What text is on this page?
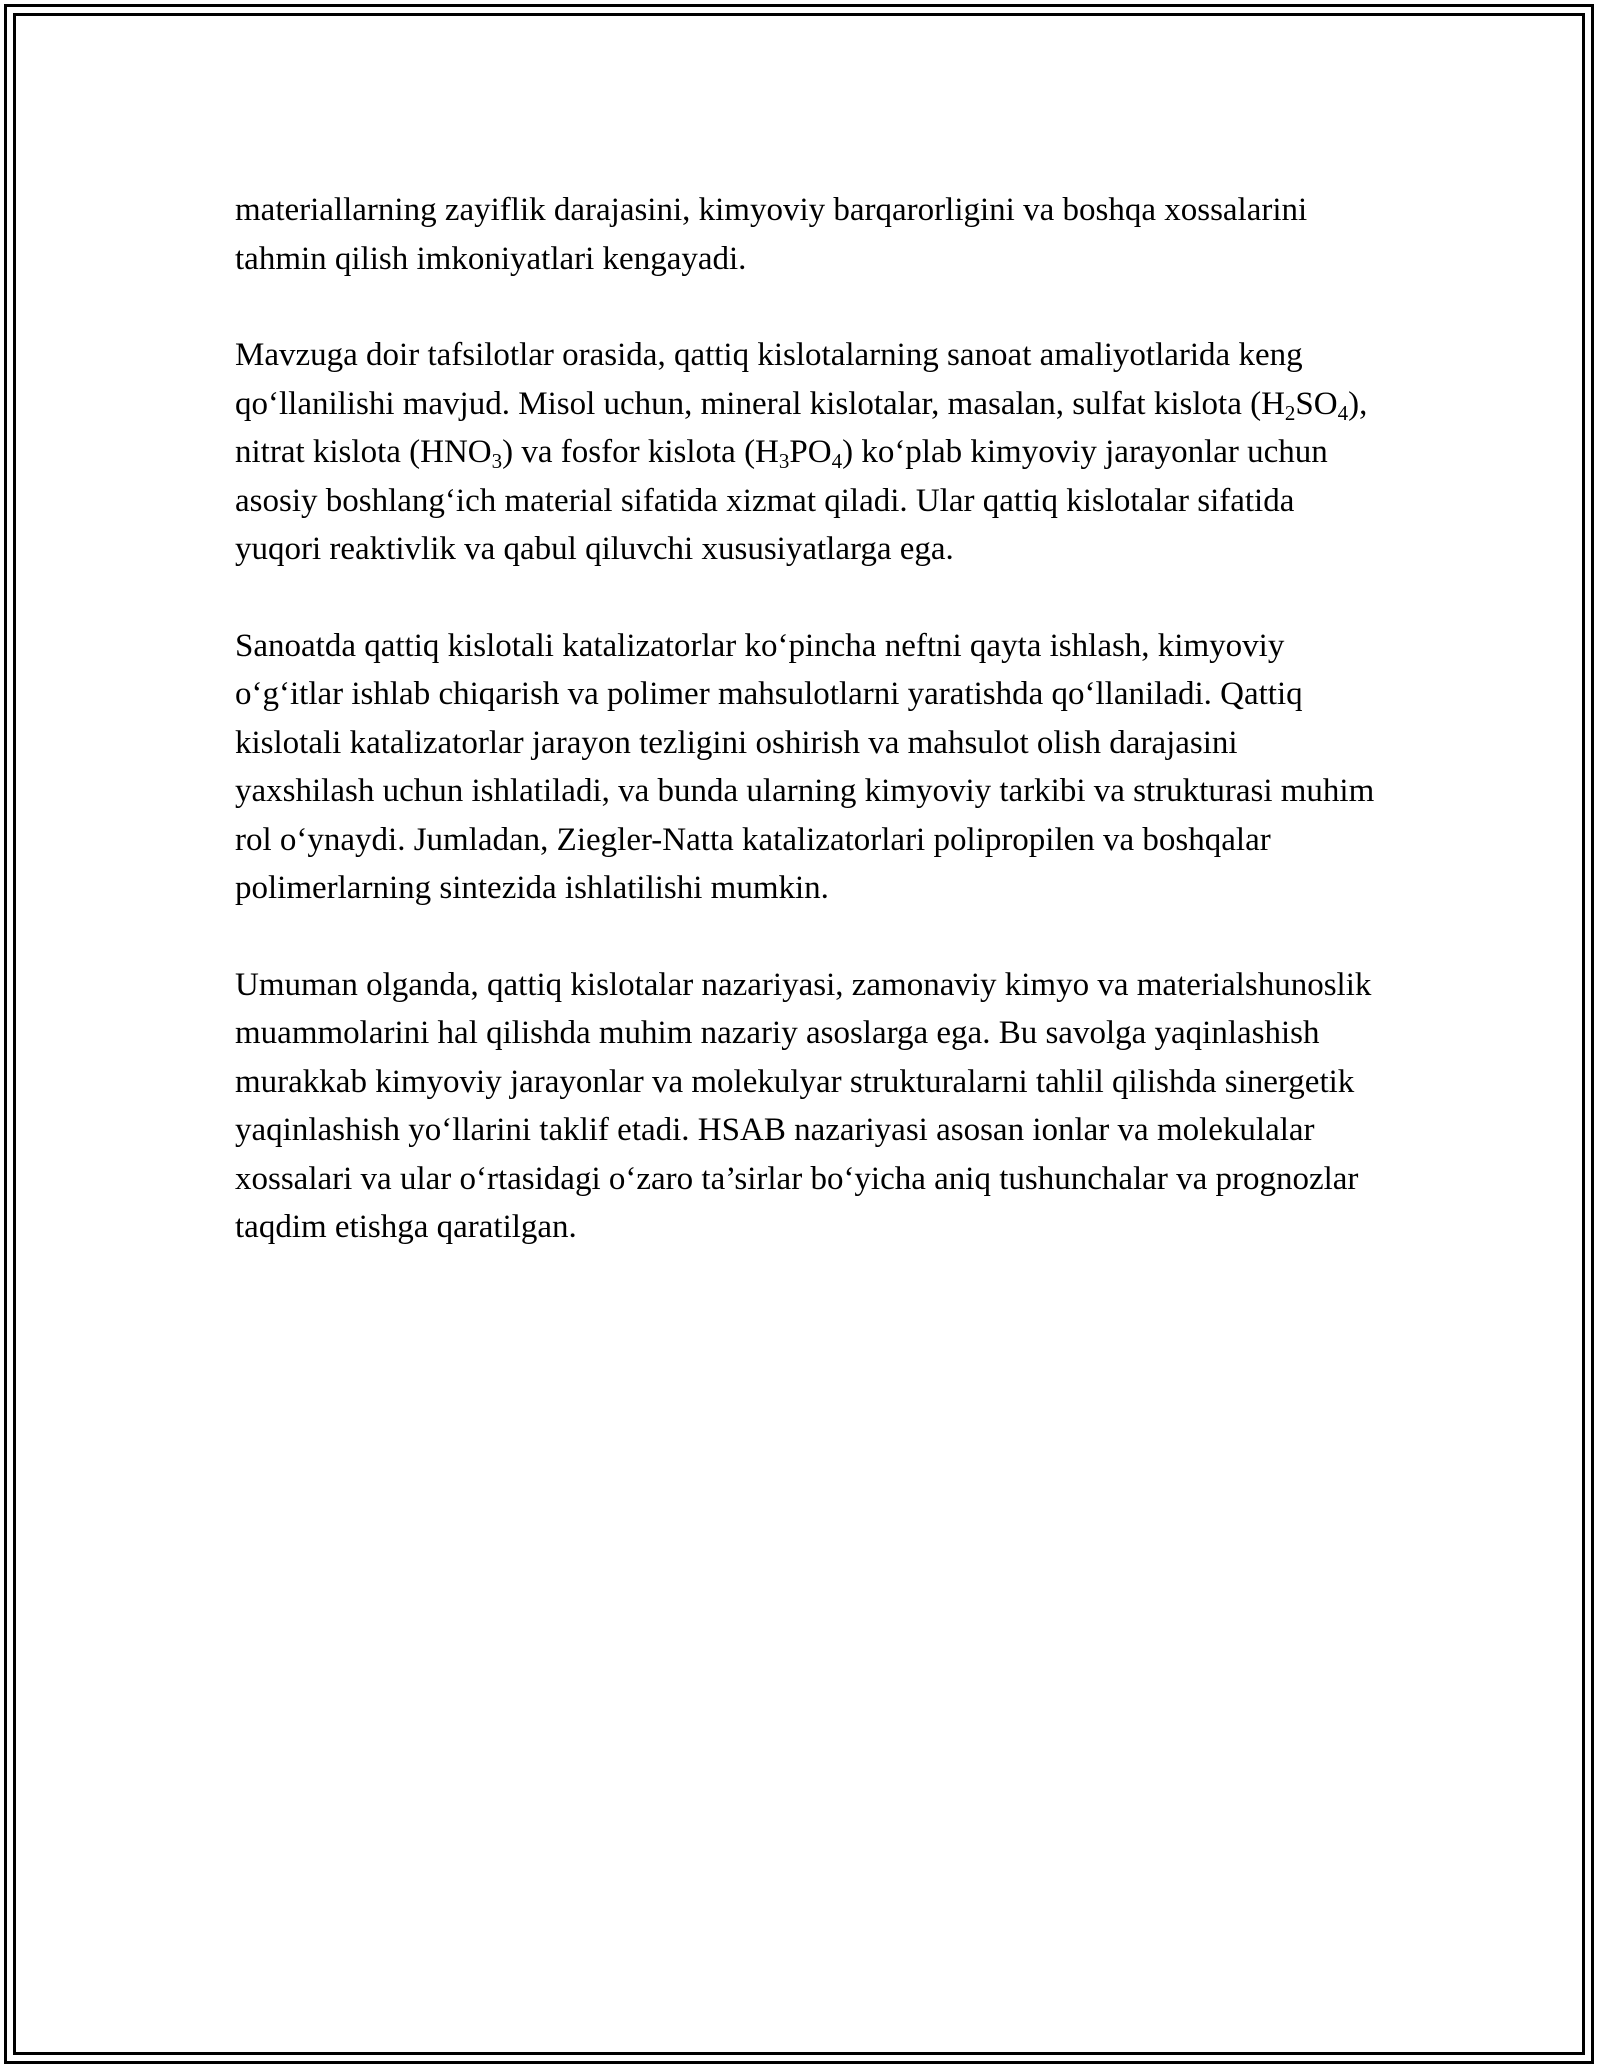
materiallarning zayiflik darajasini, kimyoviy barqarorligini va boshqa xossalarini tahmin qilish imkoniyatlari kengayadi.

Mavzuga doir tafsilotlar orasida, qattiq kislotalarning sanoat amaliyotlarida keng qo‘llanilishi mavjud. Misol uchun, mineral kislotalar, masalan, sulfat kislota $(H_2SO_4)$, nitrat kislota $(HNO_3)$ va fosfor kislota $(H_3PO_4)$ ko‘plab kimyoviy jarayonlar uchun asosiy boshlang‘ich material sifatida xizmat qiladi. Ular qattiq kislotalar sifatida yuqori reaktivlik va qabul qiluvchi xususiyatlarga ega.

Sanoatda qattiq kislotali katalizatorlar ko‘pincha neftni qayta ishlash, kimyoviy o‘g‘itlar ishlab chiqarish va polimer mahsulotlarni yaratishda qo‘llaniladi. Qattiq kislotali katalizatorlar jarayon tezligini oshirish va mahsulot olish darajasini yaxshilash uchun ishlatiladi, va bunda ularning kimyoviy tarkibi va strukturasi muhim rol o‘ynaydi. Jumladan, Ziegler-Natta katalizatorlari polipropilen va boshqalar polimerlarning sintezida ishlatilishi mumkin.

Umuman olganda, qattiq kislotalar nazariyasi, zamonaviy kimyo va materialshunoslik muammolarini hal qilishda muhim nazariy asoslarga ega. Bu savolga yaqinlashish murakkab kimyoviy jarayonlar va molekulyar strukturalarni tahlil qilishda sinergetik yaqinlashish yo‘llarini taklif etadi. HSAB nazariyasi asosan ionlar va molekulalar xossalari va ular o‘rtasidagi o‘zaro ta’sirlar bo‘yicha aniq tushunchalar va prognozlar taqdim etishga qaratilgan.
